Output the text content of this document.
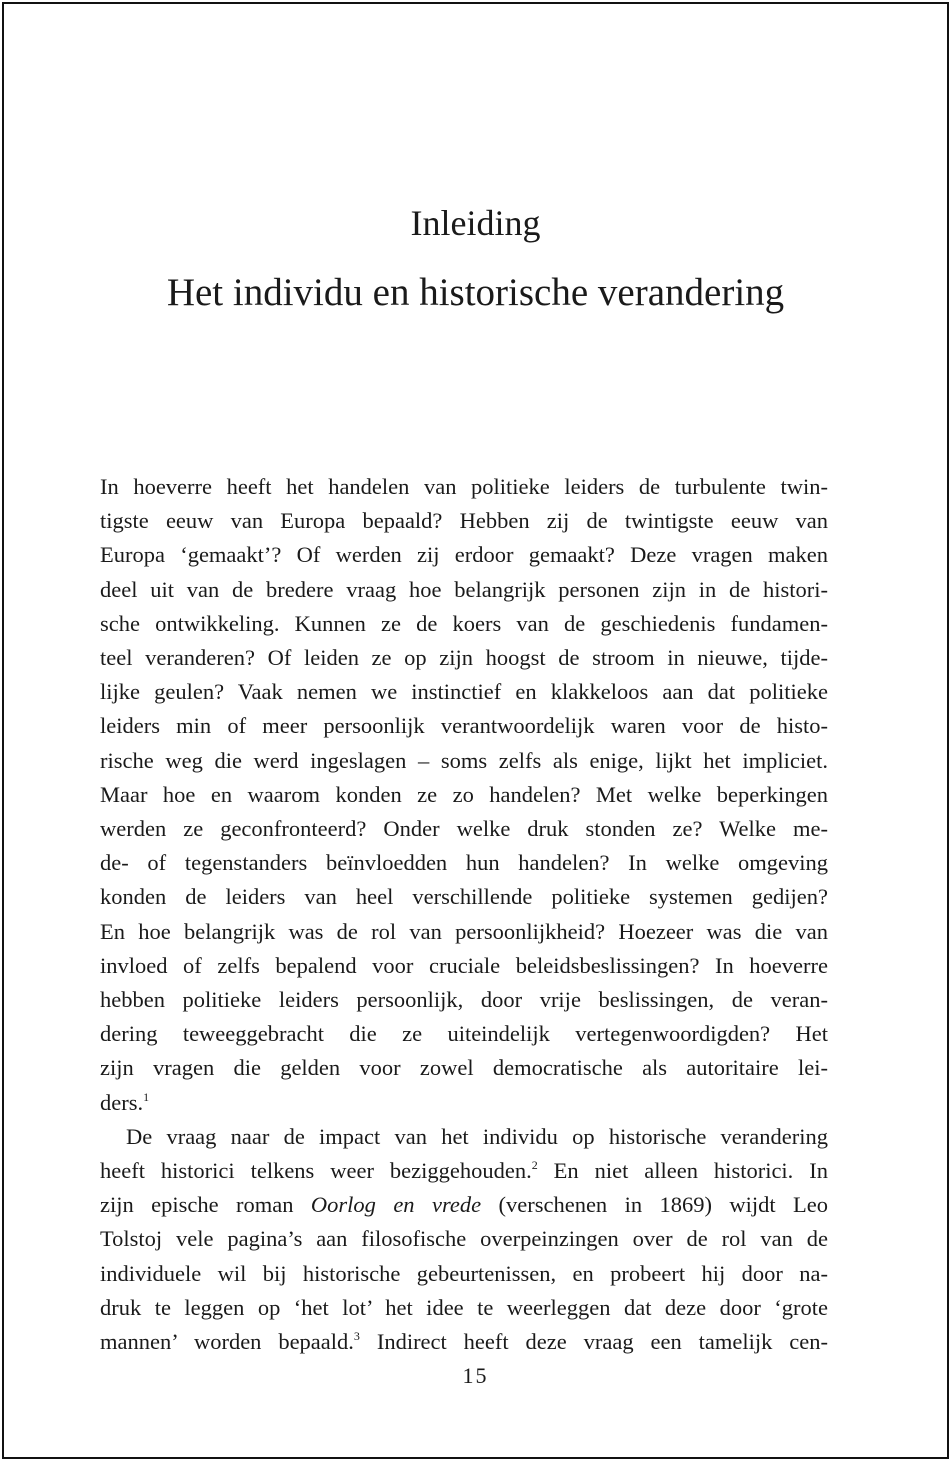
Inleiding
Het individu en historische verandering
In hoeverre heeft het handelen van politieke leiders de turbulente twin-
tigste eeuw van Europa bepaald? Hebben zij de twintigste eeuw van
Europa ‘gemaakt’? Of werden zij erdoor gemaakt? Deze vragen maken
deel uit van de bredere vraag hoe belangrijk personen zijn in de histori-
sche ontwikkeling. Kunnen ze de koers van de geschiedenis fundamen-
teel veranderen? Of leiden ze op zijn hoogst de stroom in nieuwe, tijde-
lijke geulen? Vaak nemen we instinctief en klakkeloos aan dat politieke
leiders min of meer persoonlijk verantwoordelijk waren voor de histo-
rische weg die werd ingeslagen – soms zelfs als enige, lijkt het impliciet.
Maar hoe en waarom konden ze zo handelen? Met welke beperkingen
werden ze geconfronteerd? Onder welke druk stonden ze? Welke me-
de- of tegenstanders beïnvloedden hun handelen? In welke omgeving
konden de leiders van heel verschillende politieke systemen gedijen?
En hoe belangrijk was de rol van persoonlijkheid? Hoezeer was die van
invloed of zelfs bepalend voor cruciale beleidsbeslissingen? In hoeverre
hebben politieke leiders persoonlijk, door vrije beslissingen, de veran-
dering teweeggebracht die ze uiteindelijk vertegenwoordigden? Het
zijn vragen die gelden voor zowel democratische als autoritaire lei-
ders.$^1$
De vraag naar de impact van het individu op historische verandering
heeft historici telkens weer beziggehouden.$^2$ En niet alleen historici. In
zijn epische roman Oorlog en vrede (verschenen in 1869) wijdt Leo
Tolstoj vele pagina’s aan filosofische overpeinzingen over de rol van de
individuele wil bij historische gebeurtenissen, en probeert hij door na-
druk te leggen op ‘het lot’ het idee te weerleggen dat deze door ‘grote
mannen’ worden bepaald.$^3$ Indirect heeft deze vraag een tamelijk cen-
15
